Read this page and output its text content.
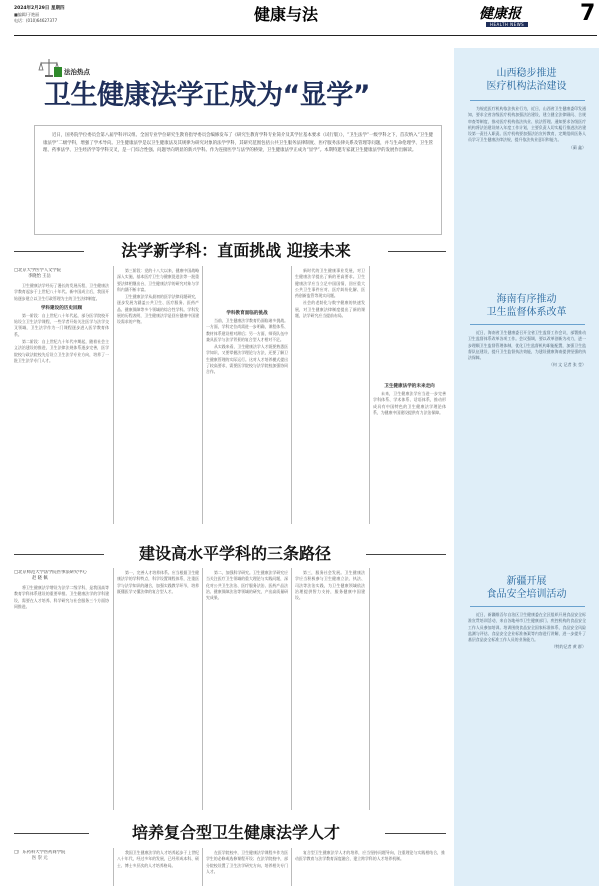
2024年2月29日 星期四
■编辑/于艳丽
电话：(010)64627377	健康与法	健康报
HEALTH NEWS	7
法治热点
卫生健康法学正成为“显学”
近日，国务院学位委员会第八届学科评议组、全国专业学位研究生教育指导委员会编修发布了《研究生教育学科专业简介及其学位基本要求（试行版）》，“卫生法学”一级学科之下，首次纳入“卫生健康法学”二级学科，增强了学术导向。卫生健康法学是以卫生健康法及其规律为研究对象的法学学科，其研究范围包括公共卫生服务法律制度、医疗服务法律关系及管理等问题，并与生命伦理学、卫生管理、药事法学、卫生经济学等学科交叉，是一门综合性强、问题导向明显的新兴学科。作为连接医学与法学的桥梁，卫生健康法学正成为“显学”。本期特邀专家就卫生健康法学的发展作出解读。
法学新学科：直面挑战 迎接未来
□北京大学医学人文学院
李晓怡 王岳

卫生健康法学经历了漫长的发展历程，卫生健康法学教育起步于上世纪八十年代。新中国成立后，我国开始逐步建立以卫生行政管理为主的卫生法律制度。

学科建设的历史回顾

第一阶段：自上世纪八十年代起，部分医学院校开始设立卫生法学课程，一些学者开始关注医学与法学交叉领域，卫生法学作为一门课程逐步进入医学教育体系。

第二阶段：自上世纪九十年代中期起，随着社会主义法治建设的推进，卫生法律法规体系逐步完善，医学院校与政法院校先后设立卫生法学专业方向，培养了一批卫生法学专门人才。

第三阶段：党的十八大以来，健康中国战略深入实施，基本医疗卫生与健康促进法等一批重要法律相继出台，卫生健康法学的研究对象与学科内涵不断丰富。

卫生健康法学从最初的医学法律问题研究，逐步发展为涵盖公共卫生、医疗服务、医药产品、健康保障等多个领域的综合性学科。学科发展的历程表明，卫生健康法学是回应健康中国建设需求的产物。

学科教育面临的挑战

当前，卫生健康法学教育仍面临诸多挑战。一方面，学科定位尚需进一步明确，课程体系、教材体系建设相对滞后；另一方面，师资队伍中兼具医学与法学背景的复合型人才相对不足。

从实践来看，卫生健康法学人才既要熟悉医学知识，又要掌握法学理论与方法，还要了解卫生健康管理的实际运行。这对人才培养模式提出了较高要求，需要医学院校与法学院校加强协同合作。

新时代的卫生健康事业发展，对卫生健康法学提出了新的更高要求。卫生健康法学应当立足中国国情，回应重大公共卫生事件应对、医疗纠纷化解、医药创新监管等现实问题。

社会的老龄化与数字健康的快速发展，对卫生健康法律制度提出了新的课题，法学研究应当提前布局。

卫生健康法学的未来走向

未来，卫生健康法学应当进一步完善学科体系、学术体系、话语体系，推动形成具有中国特色的卫生健康法学理论体系，为健康中国建设提供有力法治保障。

建设高水平学科的三条路径
□北京师范大学法学院医事法研究中心
赵 晓 佩

将卫生健康法学增设为法学二级学科，是我国高等教育学科体系建设的重要举措。卫生健康法学的学科建设，需要在人才培养、科学研究与社会服务三个方面协同推进。

第一，完善人才培养体系。应当根据卫生健康法学的学科特点，科学设置课程体系，注重医学与法学知识的融合，加强实践教学环节，培养既懂医学又懂法律的复合型人才。

第二，加强科学研究。卫生健康法学研究应当关注医疗卫生领域的重大理论与实践问题，深化对公共卫生法治、医疗服务法治、医药产品法治、健康保障法治等领域的研究，产出高质量研究成果。

第三，服务社会发展。卫生健康法学应当积极参与卫生健康立法、执法、司法等法治实践，为卫生健康领域依法治理提供智力支持，服务健康中国建设。

培养复合型卫生健康法学人才
□广东药科大学医药商学院
医 崇 元

我国卫生健康法学的人才培养起步于上世纪八十年代，经过多年的发展，已经形成本科、硕士、博士多层次的人才培养格局。

在医学院校中，卫生健康法学课程多作为医学生的必修或选修课程开设；在法学院校中，部分院校设置了卫生法学研究方向，培养相关专门人才。

复合型卫生健康法学人才的培养，应当坚持问题导向，注重理论与实践相结合，推动医学教育与法学教育深度融合，建立跨学科的人才培养机制。

山西稳步推进
医疗机构法治建设

为规范医疗机构依法执业行为，近日，山西省卫生健康委印发通知，要求全省各级医疗机构加强法治建设，建立健全法律顾问、合规审查等制度，推动医疗机构依法执业、依法管理。通知要求各级医疗机构将法治建设纳入年度工作计划，主要负责人切实履行推进法治建设第一责任人职责。医疗机构要加强法治宣传教育，定期组织医务人员学习卫生健康法律法规，提升依法执业意识和能力。

（蔺 鑫）
海南有序推动
卫生监督体系改革

近日，海南省卫生健康委召开全省卫生监督工作会议，部署推动卫生监督体系改革各项工作。会议强调，要以改革创新为动力，进一步理顺卫生监督管理体制，优化卫生监督机构职能配置，加强卫生监督队伍建设，提升卫生监督执法效能，为建设健康海南提供坚强的执法保障。

（何 文 记者 张 莹）
新疆开展
食品安全培训活动

近日，新疆维吾尔自治区卫生健康委在全区组织开展食品安全标准宣贯培训活动，来自各地州市卫生健康部门、疾控机构的食品安全工作人员参加培训。培训围绕食品安全国家标准体系、食品安全风险监测与评估、食品安全企业标准备案等内容进行讲解，进一步提升了基层食品安全标准工作人员的业务能力。

（特约记者 黄 群）
